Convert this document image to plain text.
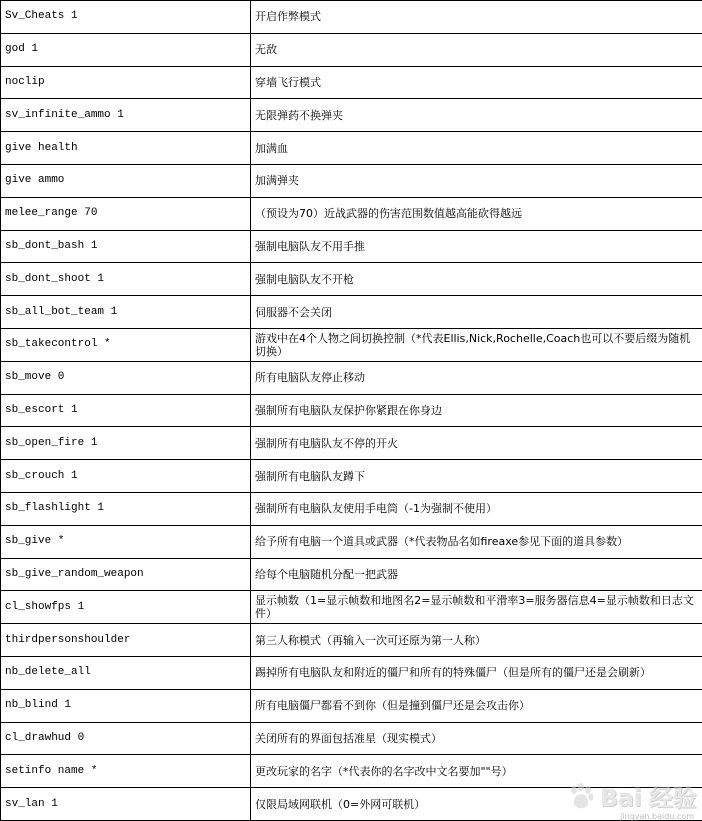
Sv_Cheats 1	开启作弊模式
god 1	无敌
noclip	穿墙飞行模式
sv_infinite_ammo 1	无限弹药不换弹夹
give health	加满血
give ammo	加满弹夹
melee_range 70	（预设为70）近战武器的伤害范围数值越高能砍得越远
sb_dont_bash 1	强制电脑队友不用手推
sb_dont_shoot 1	强制电脑队友不开枪
sb_all_bot_team 1	伺服器不会关闭
sb_takecontrol *	游戏中在4个人物之间切换控制（*代表Ellis,Nick,Rochelle,Coach也可以不要后缀为随机切换）
sb_move 0	所有电脑队友停止移动
sb_escort 1	强制所有电脑队友保护你紧跟在你身边
sb_open_fire 1	强制所有电脑队友不停的开火
sb_crouch 1	强制所有电脑队友蹲下
sb_flashlight 1	强制所有电脑队友使用手电筒（-1为强制不使用）
sb_give *	给予所有电脑一个道具或武器（*代表物品名如fireaxe参见下面的道具参数）
sb_give_random_weapon	给每个电脑随机分配一把武器
cl_showfps 1	显示帧数（1=显示帧数和地图名2=显示帧数和平滑率3=服务器信息4=显示帧数和日志文件）
thirdpersonshoulder	第三人称模式（再输入一次可还原为第一人称）
nb_delete_all	踢掉所有电脑队友和附近的僵尸和所有的特殊僵尸（但是所有的僵尸还是会刷新）
nb_blind 1	所有电脑僵尸都看不到你（但是撞到僵尸还是会攻击你）
cl_drawhud 0	关闭所有的界面包括准星（现实模式）
setinfo name *	更改玩家的名字（*代表你的名字改中文名要加""号）
sv_lan 1	仅限局域网联机（0=外网可联机）	Bai 经验
jingyan.baidu.com
